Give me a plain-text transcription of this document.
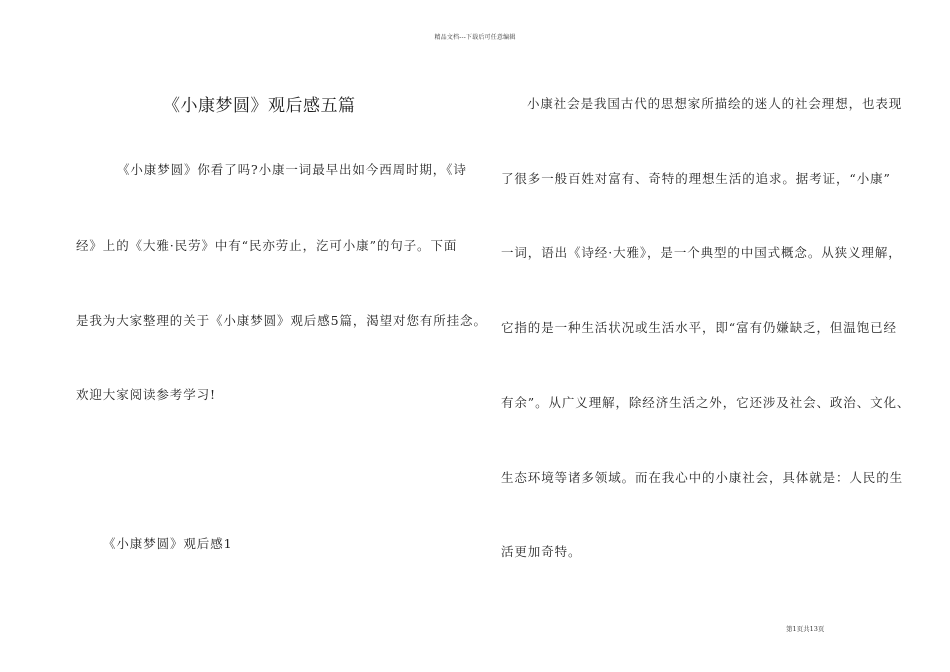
精品文档---下载后可任意编辑
《小康梦圆》观后感五篇
《小康梦圆》你看了吗?小康一词最早出如今西周时期，《诗
经》上的《大雅·民劳》中有“民亦劳止，汔可小康”的句子。下面
是我为大家整理的关于《小康梦圆》观后感5篇，渴望对您有所挂念。
欢迎大家阅读参考学习!
《小康梦圆》观后感1
小康社会是我国古代的思想家所描绘的迷人的社会理想，也表现
了很多一般百姓对富有、奇特的理想生活的追求。据考证，“小康”
一词，语出《诗经·大雅》，是一个典型的中国式概念。从狭义理解，
它指的是一种生活状况或生活水平，即“富有仍嫌缺乏，但温饱已经
有余”。从广义理解，除经济生活之外，它还涉及社会、政治、文化、
生态环境等诸多领域。而在我心中的小康社会，具体就是：人民的生
活更加奇特。
第1页共13页
